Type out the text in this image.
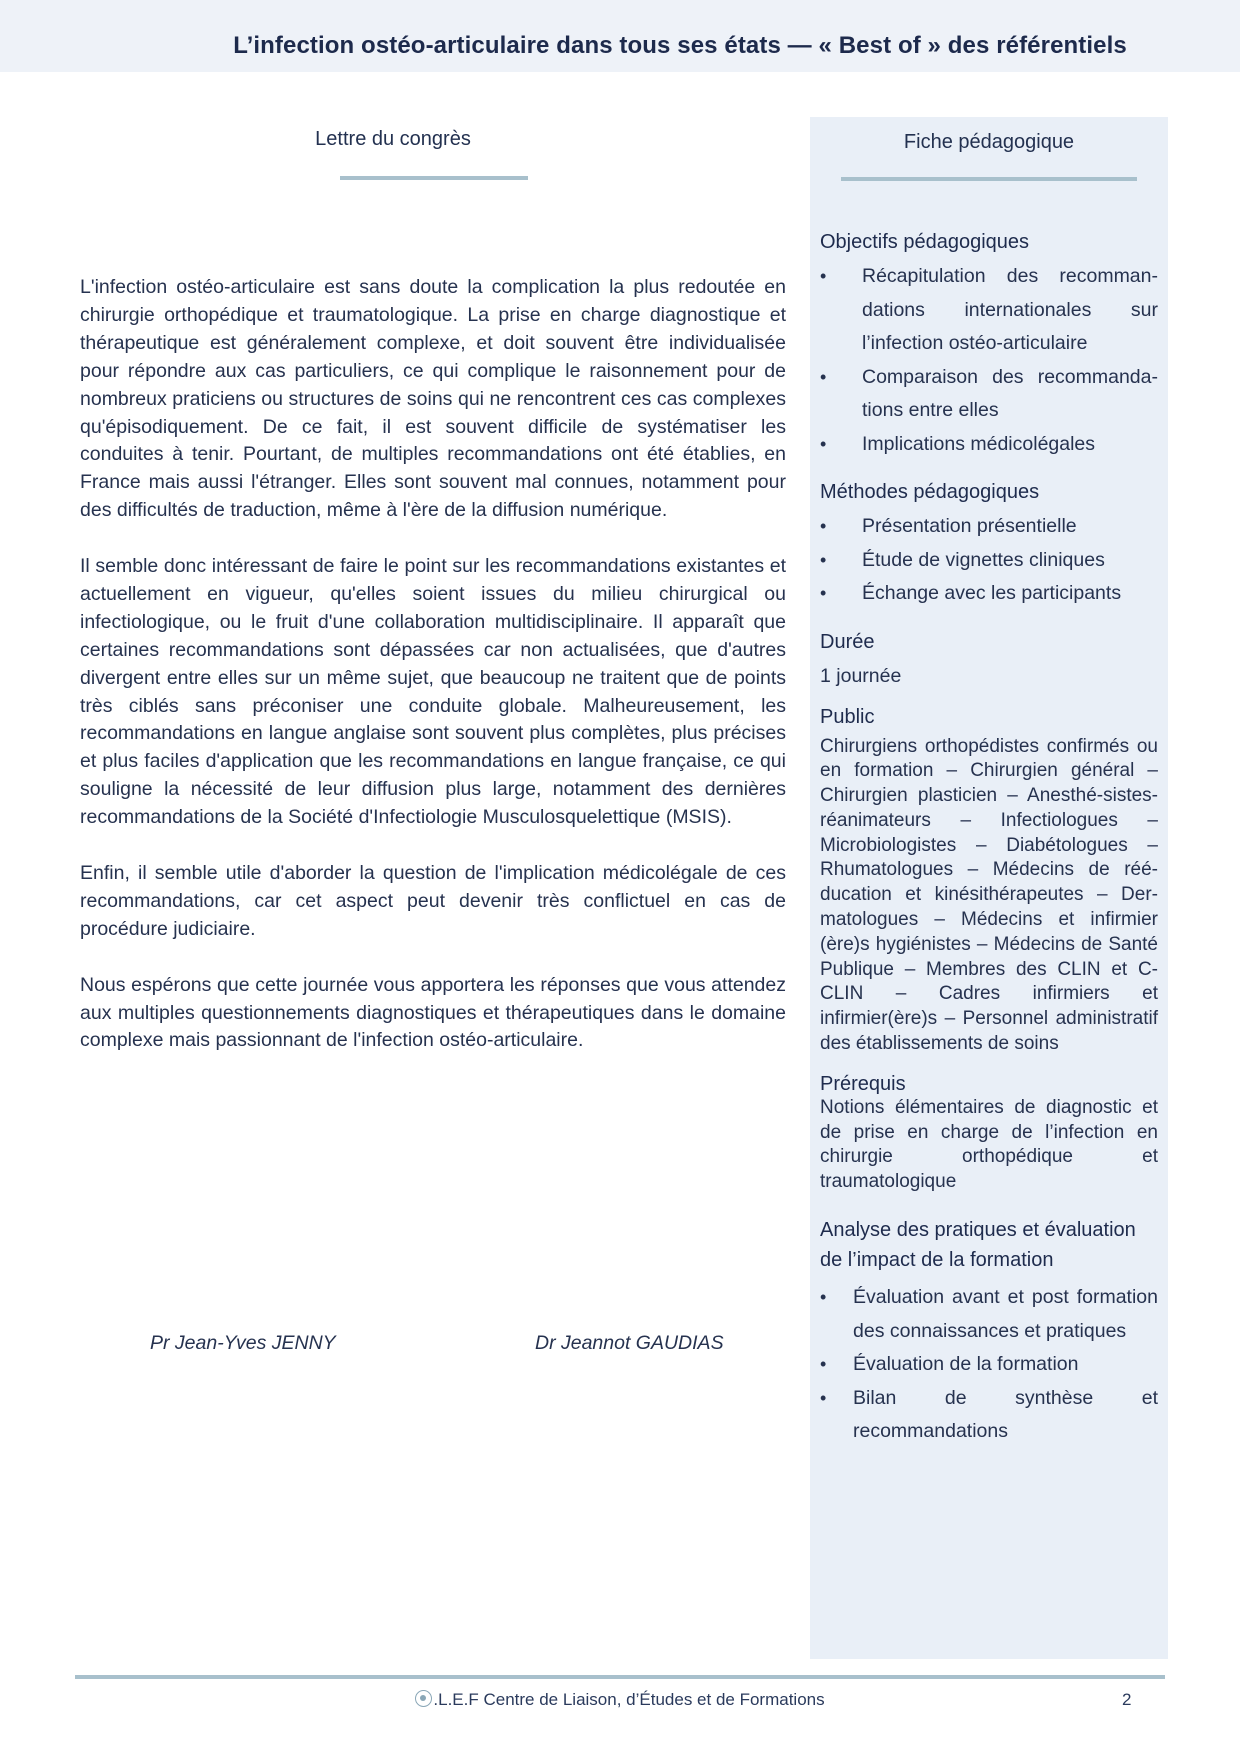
L’infection ostéo-articulaire dans tous ses états — « Best of » des référentiels
Lettre du congrès

L'infection ostéo-articulaire est sans doute la complication la plus redoutée en chirurgie orthopédique et traumatologique. La prise en charge diagnostique et thérapeutique est généralement complexe, et doit souvent être individualisée pour répondre aux cas particuliers, ce qui complique le raisonnement pour de nombreux praticiens ou structures de soins qui ne rencontrent ces cas complexes qu'épisodiquement. De ce fait, il est souvent difficile de systématiser les conduites à tenir. Pourtant, de multiples recommandations ont été établies, en France mais aussi l'étranger. Elles sont souvent mal connues, notamment pour des difficultés de traduction, même à l'ère de la diffusion numérique.

Il semble donc intéressant de faire le point sur les recommandations existantes et actuellement en vigueur, qu'elles soient issues du milieu chirurgical ou infectiologique, ou le fruit d'une collaboration multidisciplinaire. Il apparaît que certaines recommandations sont dépassées car non actualisées, que d'autres divergent entre elles sur un même sujet, que beaucoup ne traitent que de points très ciblés sans préconiser une conduite globale. Malheureusement, les recommandations en langue anglaise sont souvent plus complètes, plus précises et plus faciles d'application que les recommandations en langue française, ce qui souligne la nécessité de leur diffusion plus large, notamment des dernières recommandations de la Société d'Infectiologie Musculosquelettique (MSIS).

Enfin, il semble utile d'aborder la question de l'implication médicolégale de ces recommandations, car cet aspect peut devenir très conflictuel en cas de procédure judiciaire.

Nous espérons que cette journée vous apportera les réponses que vous attendez aux multiples questionnements diagnostiques et thérapeutiques dans le domaine complexe mais passionnant de l'infection ostéo-articulaire.

Pr Jean-Yves JENNY	Dr Jeannot GAUDIAS
Fiche pédagogique
Objectifs pédagogiques
• Récapitulation des recomman-dations internationales sur l’infection ostéo-articulaire
• Comparaison des recommanda-tions entre elles
• Implications médicolégales
Méthodes pédagogiques
• Présentation présentielle
• Étude de vignettes cliniques
• Échange avec les participants
Durée
1 journée
Public
Chirurgiens orthopédistes confirmés ou en formation – Chirurgien général – Chirurgien plasticien – Anesthé-sistes-réanimateurs – Infectiologues – Microbiologistes – Diabétologues – Rhumatologues – Médecins de réé-ducation et kinésithérapeutes – Der-matologues – Médecins et infirmier (ère)s hygiénistes – Médecins de Santé Publique – Membres des CLIN et C-CLIN – Cadres infirmiers et infirmier(ère)s – Personnel administratif des établissements de soins
Prérequis
Notions élémentaires de diagnostic et de prise en charge de l’infection en chirurgie orthopédique et traumatologique
Analyse des pratiques et évaluation de l’impact de la formation
• Évaluation avant et post formation des connaissances et pratiques
• Évaluation de la formation
• Bilan de synthèse et recommandations
.L.E.F Centre de Liaison, d’Études et de Formations	2
